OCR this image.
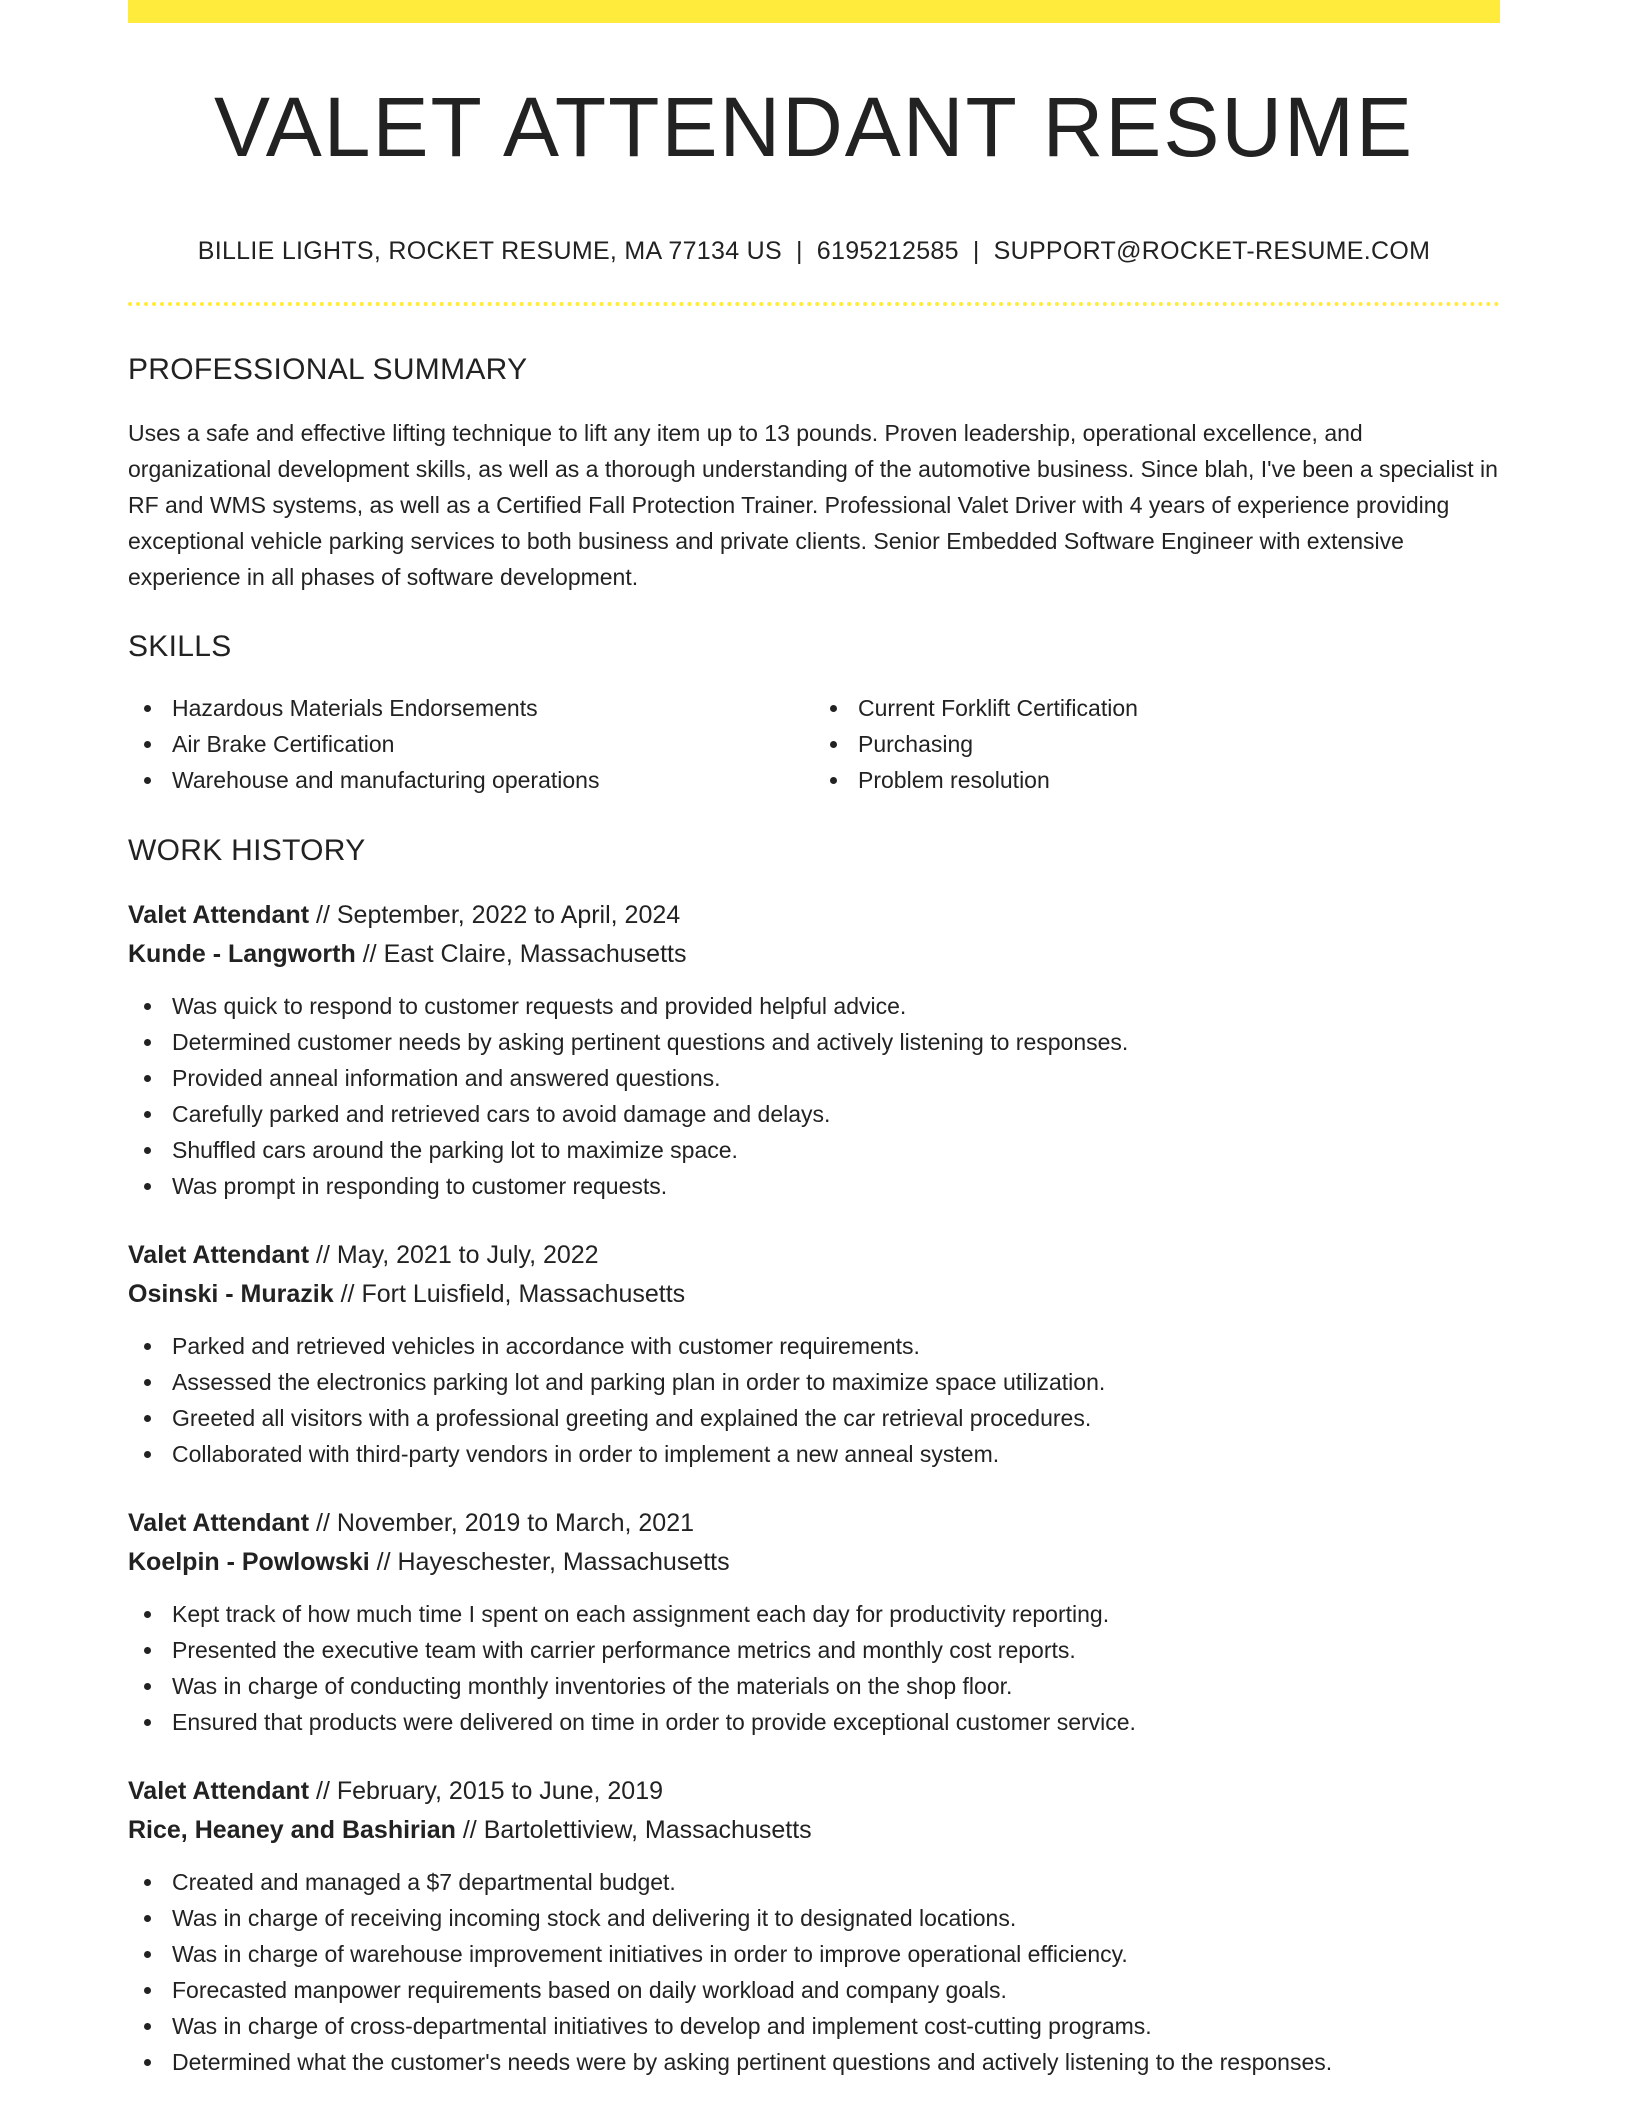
VALET ATTENDANT RESUME
BILLIE LIGHTS, ROCKET RESUME, MA 77134 US | 6195212585 | SUPPORT@ROCKET-RESUME.COM
PROFESSIONAL SUMMARY

Uses a safe and effective lifting technique to lift any item up to 13 pounds. Proven leadership, operational excellence, and organizational development skills, as well as a thorough understanding of the automotive business. Since blah, I've been a specialist in RF and WMS systems, as well as a Certified Fall Protection Trainer. Professional Valet Driver with 4 years of experience providing exceptional vehicle parking services to both business and private clients. Senior Embedded Software Engineer with extensive experience in all phases of software development.

SKILLS
Hazardous Materials Endorsements
Air Brake Certification
Warehouse and manufacturing operations
Current Forklift Certification
Purchasing
Problem resolution
WORK HISTORY
Valet Attendant // September, 2022 to April, 2024
Kunde - Langworth // East Claire, Massachusetts
Was quick to respond to customer requests and provided helpful advice.
Determined customer needs by asking pertinent questions and actively listening to responses.
Provided anneal information and answered questions.
Carefully parked and retrieved cars to avoid damage and delays.
Shuffled cars around the parking lot to maximize space.
Was prompt in responding to customer requests.
Valet Attendant // May, 2021 to July, 2022
Osinski - Murazik // Fort Luisfield, Massachusetts
Parked and retrieved vehicles in accordance with customer requirements.
Assessed the electronics parking lot and parking plan in order to maximize space utilization.
Greeted all visitors with a professional greeting and explained the car retrieval procedures.
Collaborated with third-party vendors in order to implement a new anneal system.
Valet Attendant // November, 2019 to March, 2021
Koelpin - Powlowski // Hayeschester, Massachusetts
Kept track of how much time I spent on each assignment each day for productivity reporting.
Presented the executive team with carrier performance metrics and monthly cost reports.
Was in charge of conducting monthly inventories of the materials on the shop floor.
Ensured that products were delivered on time in order to provide exceptional customer service.
Valet Attendant // February, 2015 to June, 2019
Rice, Heaney and Bashirian // Bartolettiview, Massachusetts
Created and managed a $7 departmental budget.
Was in charge of receiving incoming stock and delivering it to designated locations.
Was in charge of warehouse improvement initiatives in order to improve operational efficiency.
Forecasted manpower requirements based on daily workload and company goals.
Was in charge of cross-departmental initiatives to develop and implement cost-cutting programs.
Determined what the customer's needs were by asking pertinent questions and actively listening to the responses.
